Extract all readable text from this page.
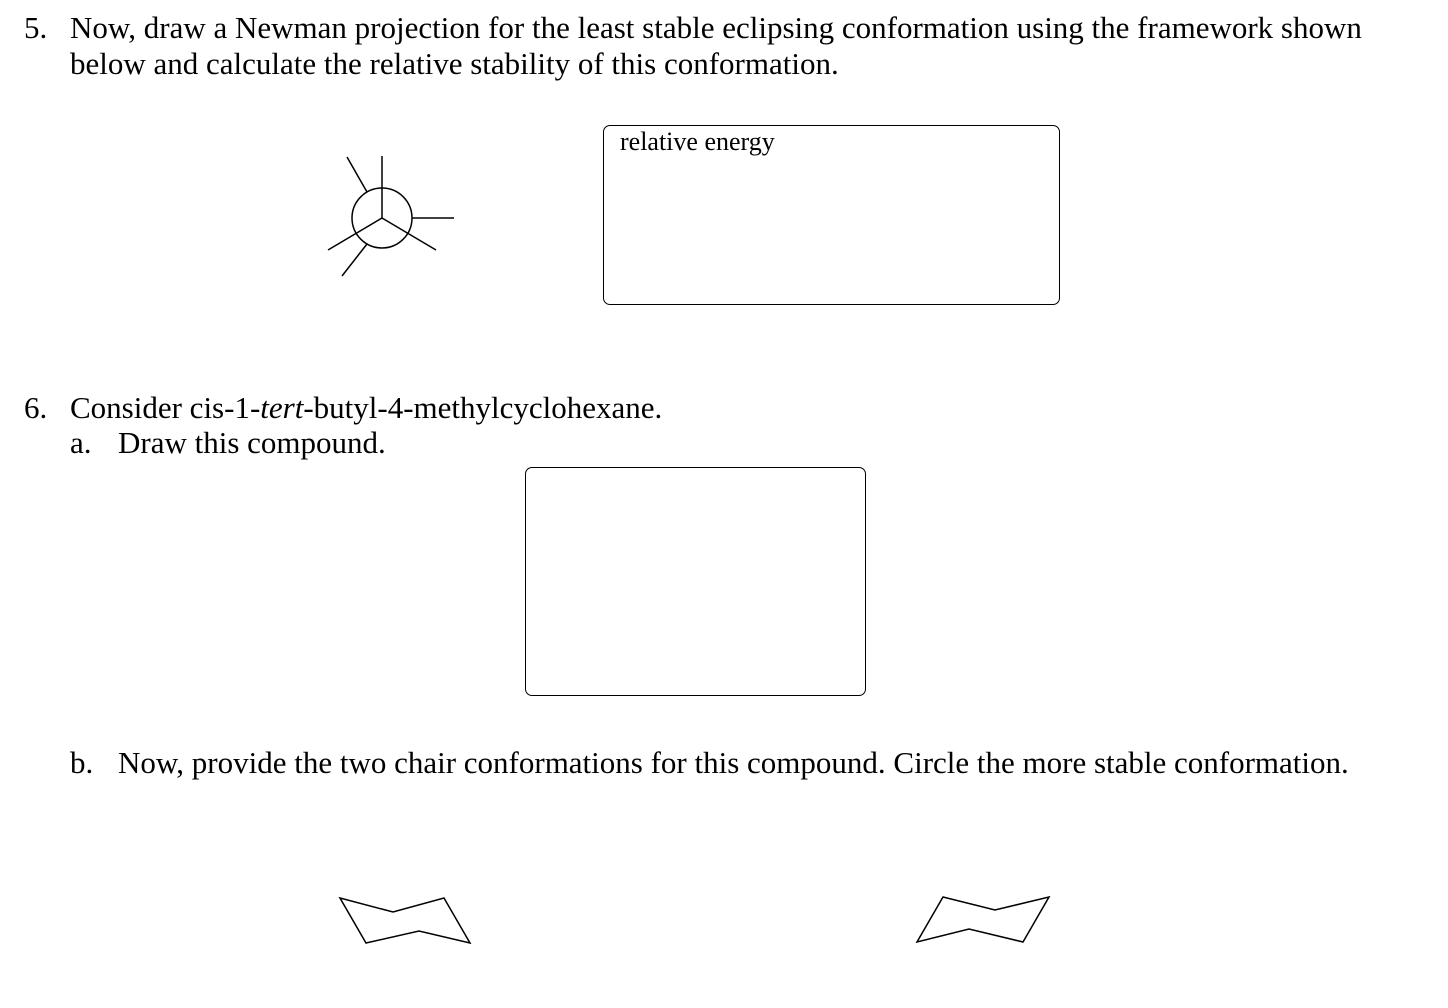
5. Now, draw a Newman projection for the least stable eclipsing conformation using the framework shown
below and calculate the relative stability of this conformation.
relative energy
6. Consider cis-1-tert-butyl-4-methylcyclohexane.
a. Draw this compound.
b. Now, provide the two chair conformations for this compound. Circle the more stable conformation.
